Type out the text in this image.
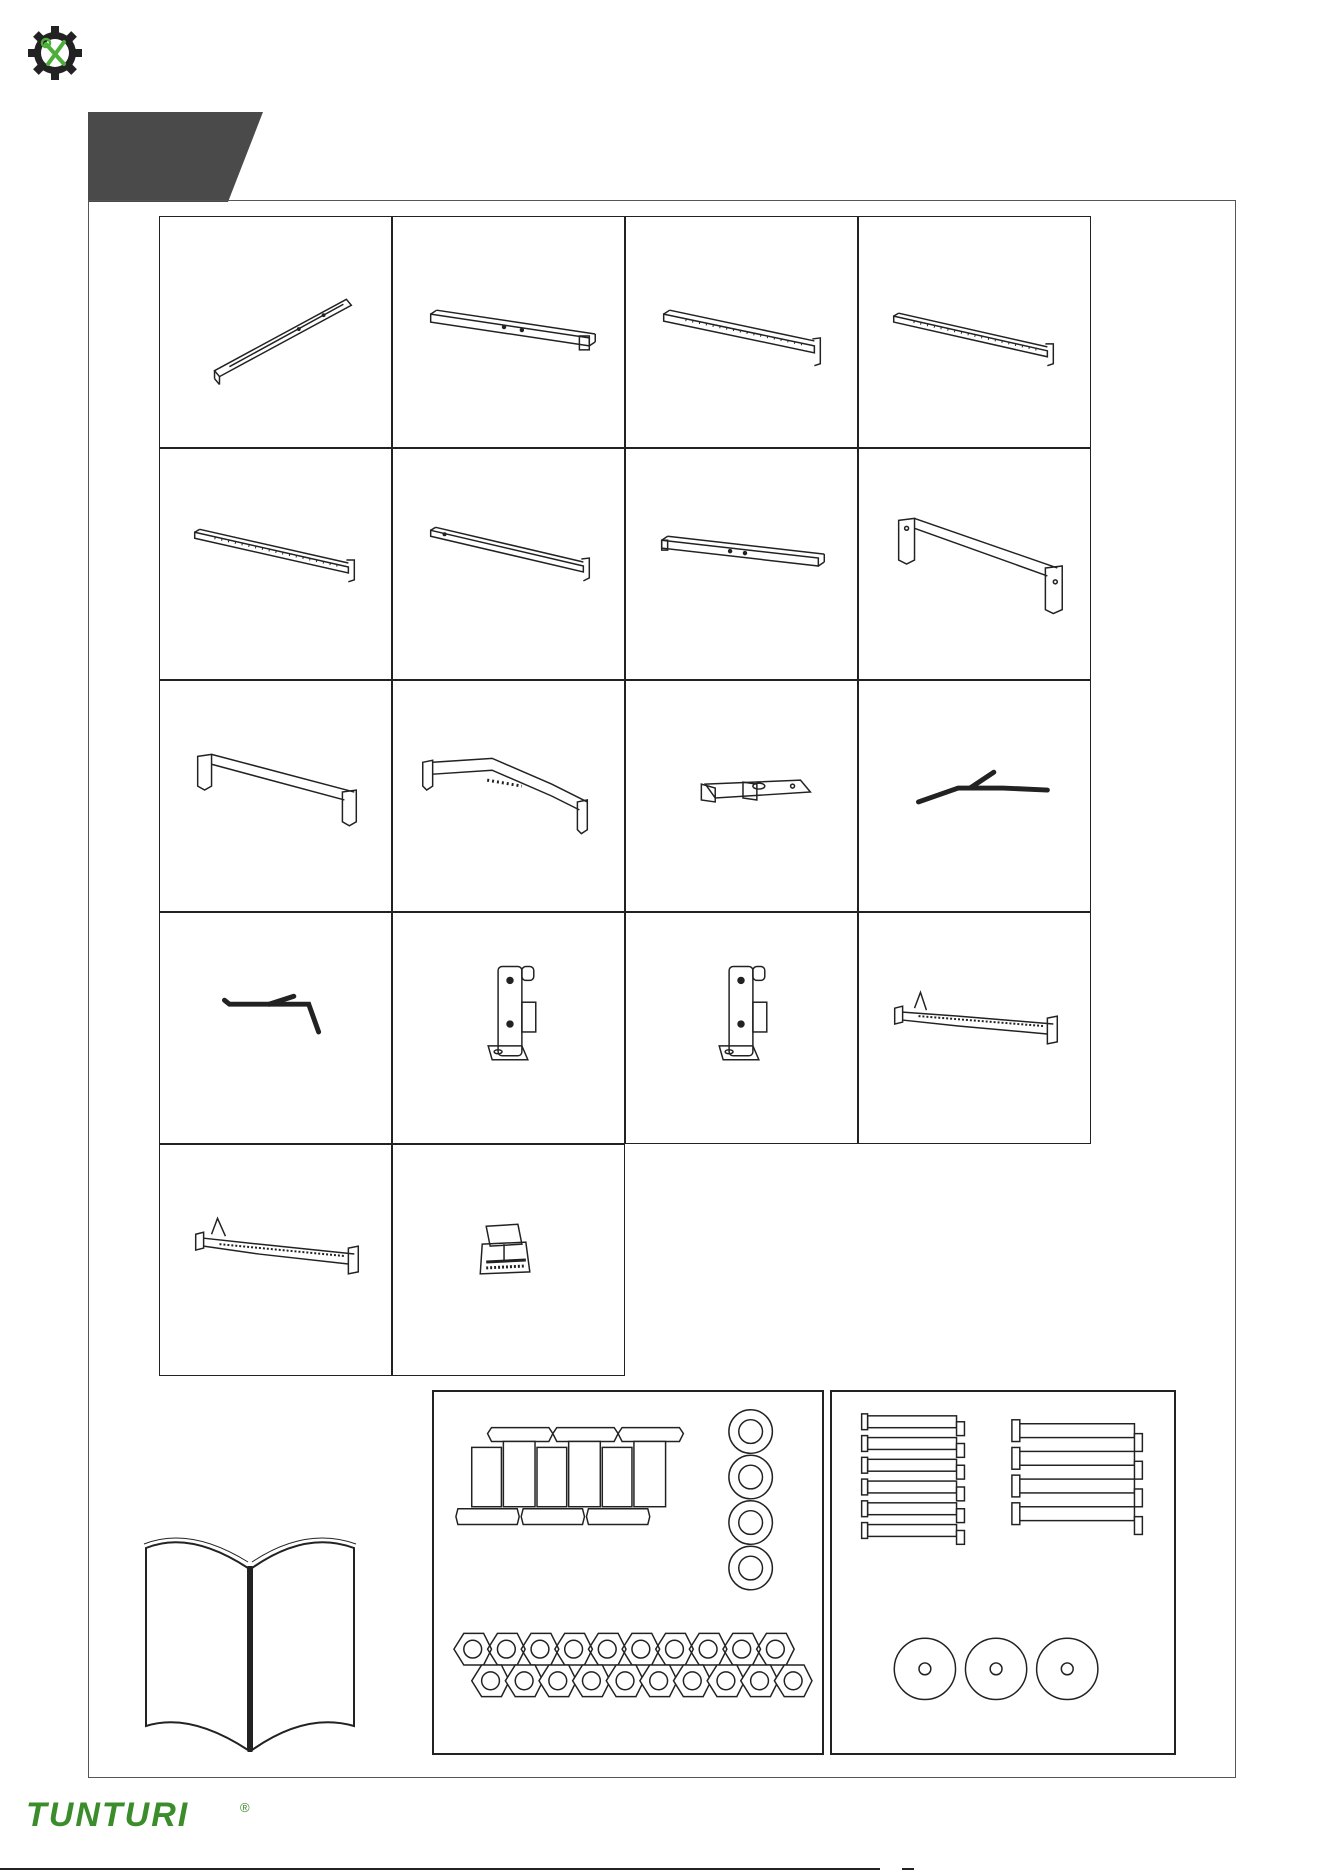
TUNTURI	®
